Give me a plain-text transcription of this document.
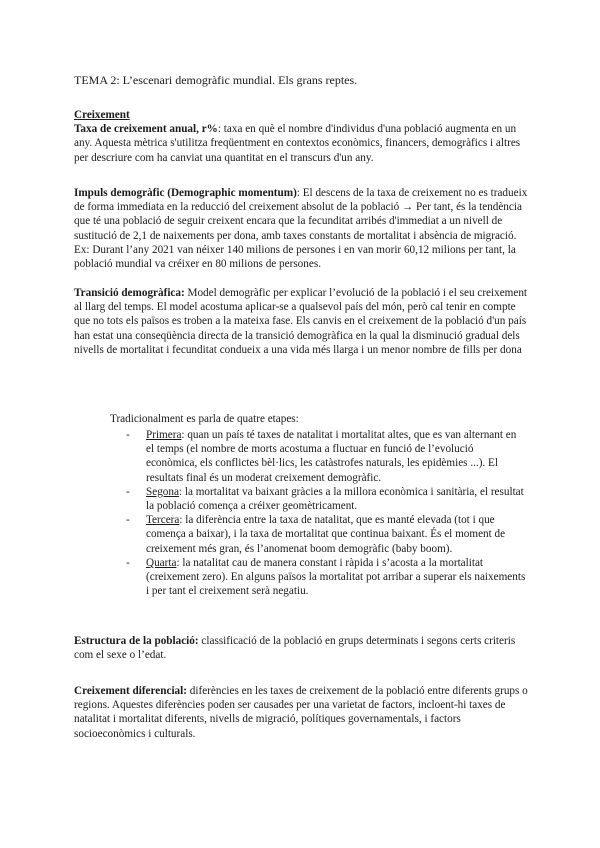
TEMA 2: L’escenari demogràfic mundial. Els grans reptes.
Creixement
Taxa de creixement anual, r%: taxa en què el nombre d'individus d'una població augmenta en un any. Aquesta mètrica s'utilitza freqüentment en contextos econòmics, financers, demogràfics i altres per descriure com ha canviat una quantitat en el transcurs d'un any.
Impuls demogràfic (Demographic momentum): El descens de la taxa de creixement no es tradueix de forma immediata en la reducció del creixement absolut de la població → Per tant, és la tendència que té una població de seguir creixent encara que la fecunditat arribés d'immediat a un nivell de sustitució de 2,1 de naixements per dona, amb taxes constants de mortalitat i absència de migració. Ex: Durant l’any 2021 van néixer 140 milions de persones i en van morir 60,12 milions per tant, la població mundial va créixer en 80 milions de persones.
Transició demogràfica: Model demogràfic per explicar l’evolució de la població i el seu creixement al llarg del temps. El model acostuma aplicar-se a qualsevol país del món, però cal tenir en compte que no tots els països es troben a la mateixa fase. Els canvis en el creixement de la població d'un país han estat una conseqüència directa de la transició demogràfica en la qual la disminució gradual dels nivells de mortalitat i fecunditat condueix a una vida més llarga i un menor nombre de fills per dona
Tradicionalment es parla de quatre etapes:
- Primera: quan un país té taxes de natalitat i mortalitat altes, que es van alternant en el temps (el nombre de morts acostuma a fluctuar en funció de l’evolució econòmica, els conflictes bèl·lics, les catàstrofes naturals, les epidèmies ...). El resultats final és un moderat creixement demogràfic.
- Segona: la mortalitat va baixant gràcies a la millora econòmica i sanitària, el resultat la població comença a créixer geomètricament.
- Tercera: la diferència entre la taxa de natalitat, que es manté elevada (tot i que comença a baixar), i la taxa de mortalitat que continua baixant. És el moment de creixement més gran, és l’anomenat boom demogràfic (baby boom).
- Quarta: la natalitat cau de manera constant i ràpida i s’acosta a la mortalitat (creixement zero). En alguns països la mortalitat pot arribar a superar els naixements i per tant el creixement serà negatiu.
Estructura de la població: classificació de la població en grups determinats i segons certs criteris com el sexe o l’edat.
Creixement diferencial: diferències en les taxes de creixement de la població entre diferents grups o regions. Aquestes diferències poden ser causades per una varietat de factors, incloent-hi taxes de natalitat i mortalitat diferents, nivells de migració, polítiques governamentals, i factors socioeconòmics i culturals.
